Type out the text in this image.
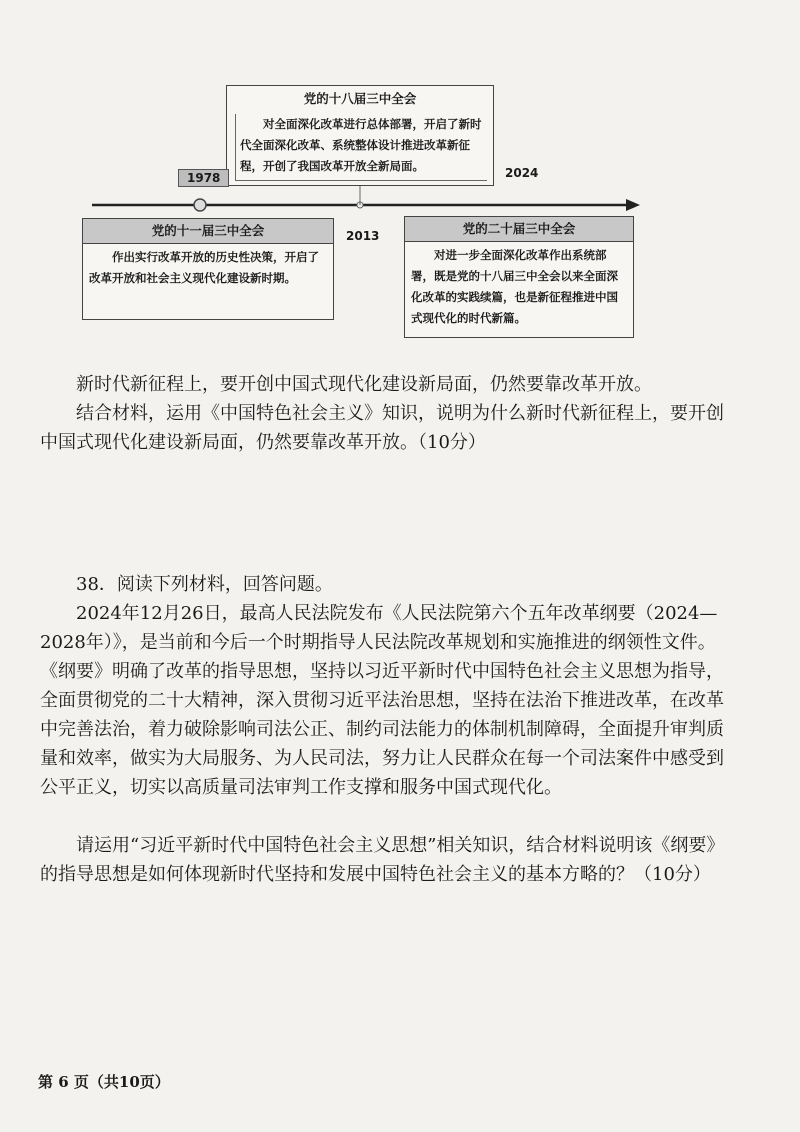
党的十八届三中全会
对全面深化改革进行总体部署，开启了新时代全面深化改革、系统整体设计推进改革新征程，开创了我国改革开放全新局面。
1978
2013
2024
党的十一届三中全会
作出实行改革开放的历史性决策，开启了改革开放和社会主义现代化建设新时期。
党的二十届三中全会
对进一步全面深化改革作出系统部署，既是党的十八届三中全会以来全面深化改革的实践续篇，也是新征程推进中国式现代化的时代新篇。
新时代新征程上，要开创中国式现代化建设新局面，仍然要靠改革开放。
结合材料，运用《中国特色社会主义》知识，说明为什么新时代新征程上，要开创中国式现代化建设新局面，仍然要靠改革开放。（10分）
38．阅读下列材料，回答问题。
2024年12月26日，最高人民法院发布《人民法院第六个五年改革纲要（2024—2028年）》，是当前和今后一个时期指导人民法院改革规划和实施推进的纲领性文件。《纲要》明确了改革的指导思想，坚持以习近平新时代中国特色社会主义思想为指导，全面贯彻党的二十大精神，深入贯彻习近平法治思想，坚持在法治下推进改革，在改革中完善法治，着力破除影响司法公正、制约司法能力的体制机制障碍，全面提升审判质量和效率，做实为大局服务、为人民司法，努力让人民群众在每一个司法案件中感受到公平正义，切实以高质量司法审判工作支撑和服务中国式现代化。
请运用“习近平新时代中国特色社会主义思想”相关知识，结合材料说明该《纲要》的指导思想是如何体现新时代坚持和发展中国特色社会主义的基本方略的？（10分）
第 6 页（共10页）
